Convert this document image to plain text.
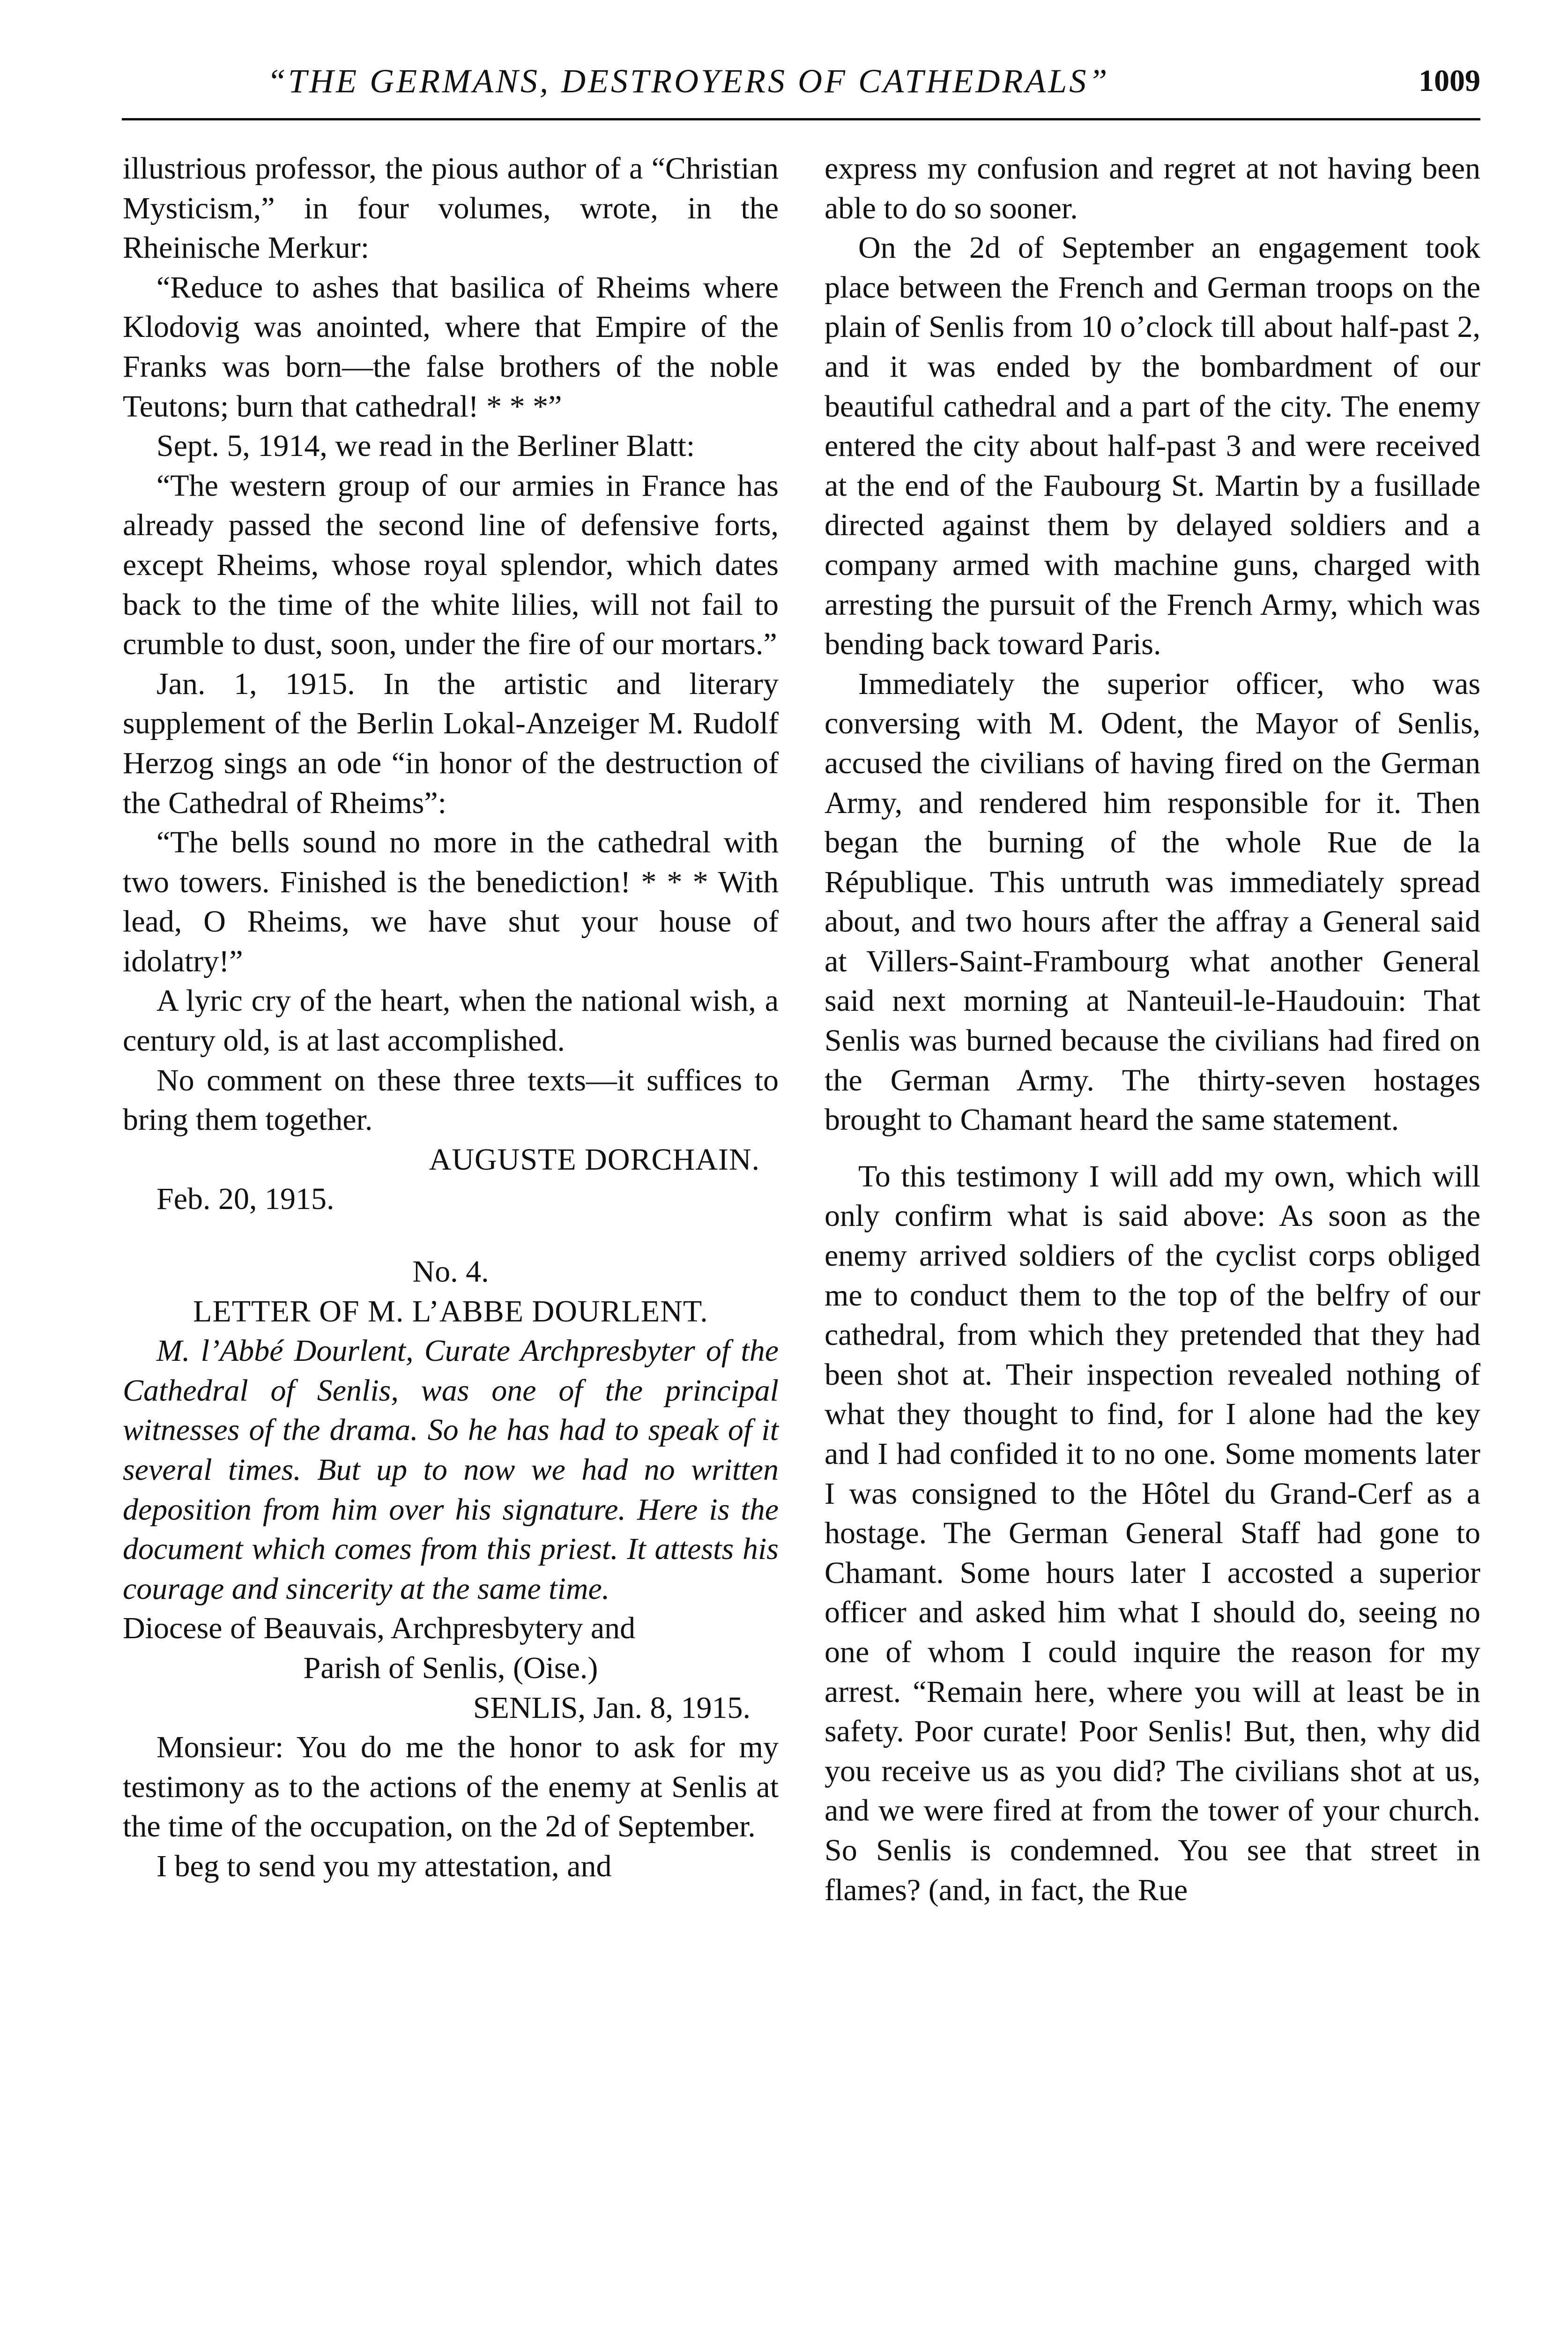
“THE GERMANS, DESTROYERS OF CATHEDRALS”	1009

illustrious professor, the pious author of a “Christian Mysticism,” in four volumes, wrote, in the Rheinische Merkur:

“Reduce to ashes that basilica of Rheims where Klodovig was anointed, where that Empire of the Franks was born—the false brothers of the noble Teutons; burn that cathedral! * * *”

Sept. 5, 1914, we read in the Berliner Blatt:

“The western group of our armies in France has already passed the second line of defensive forts, except Rheims, whose royal splendor, which dates back to the time of the white lilies, will not fail to crumble to dust, soon, under the fire of our mortars.”

Jan. 1, 1915. In the artistic and literary supplement of the Berlin Lokal-Anzeiger M. Rudolf Herzog sings an ode “in honor of the destruction of the Cathedral of Rheims”:

“The bells sound no more in the cathedral with two towers. Finished is the benediction! * * * With lead, O Rheims, we have shut your house of idolatry!”

A lyric cry of the heart, when the national wish, a century old, is at last accomplished.

No comment on these three texts—it suffices to bring them together.

AUGUSTE DORCHAIN.

Feb. 20, 1915.

No. 4.

LETTER OF M. L’ABBE DOURLENT.

M. l’Abbé Dourlent, Curate Archpresbyter of the Cathedral of Senlis, was one of the principal witnesses of the drama. So he has had to speak of it several times. But up to now we had no written deposition from him over his signature. Here is the document which comes from this priest. It attests his courage and sincerity at the same time.

Diocese of Beauvais, Archpresbytery and

Parish of Senlis, (Oise.)

SENLIS, Jan. 8, 1915.

Monsieur: You do me the honor to ask for my testimony as to the actions of the enemy at Senlis at the time of the occupation, on the 2d of September.

I beg to send you my attestation, and

express my confusion and regret at not having been able to do so sooner.

On the 2d of September an engagement took place between the French and German troops on the plain of Senlis from 10 o’clock till about half-past 2, and it was ended by the bombardment of our beautiful cathedral and a part of the city. The enemy entered the city about half-past 3 and were received at the end of the Faubourg St. Martin by a fusillade directed against them by delayed soldiers and a company armed with machine guns, charged with arresting the pursuit of the French Army, which was bending back toward Paris.

Immediately the superior officer, who was conversing with M. Odent, the Mayor of Senlis, accused the civilians of having fired on the German Army, and rendered him responsible for it. Then began the burning of the whole Rue de la République. This untruth was immediately spread about, and two hours after the affray a General said at Villers-Saint-Frambourg what another General said next morning at Nanteuil-le-Haudouin: That Senlis was burned because the civilians had fired on the German Army. The thirty-seven hostages brought to Chamant heard the same statement.

To this testimony I will add my own, which will only confirm what is said above: As soon as the enemy arrived soldiers of the cyclist corps obliged me to conduct them to the top of the belfry of our cathedral, from which they pretended that they had been shot at. Their inspection revealed nothing of what they thought to find, for I alone had the key and I had confided it to no one. Some moments later I was consigned to the Hôtel du Grand-Cerf as a hostage. The German General Staff had gone to Chamant. Some hours later I accosted a superior officer and asked him what I should do, seeing no one of whom I could inquire the reason for my arrest. “Remain here, where you will at least be in safety. Poor curate! Poor Senlis! But, then, why did you receive us as you did? The civilians shot at us, and we were fired at from the tower of your church. So Senlis is condemned. You see that street in flames? (and, in fact, the Rue
